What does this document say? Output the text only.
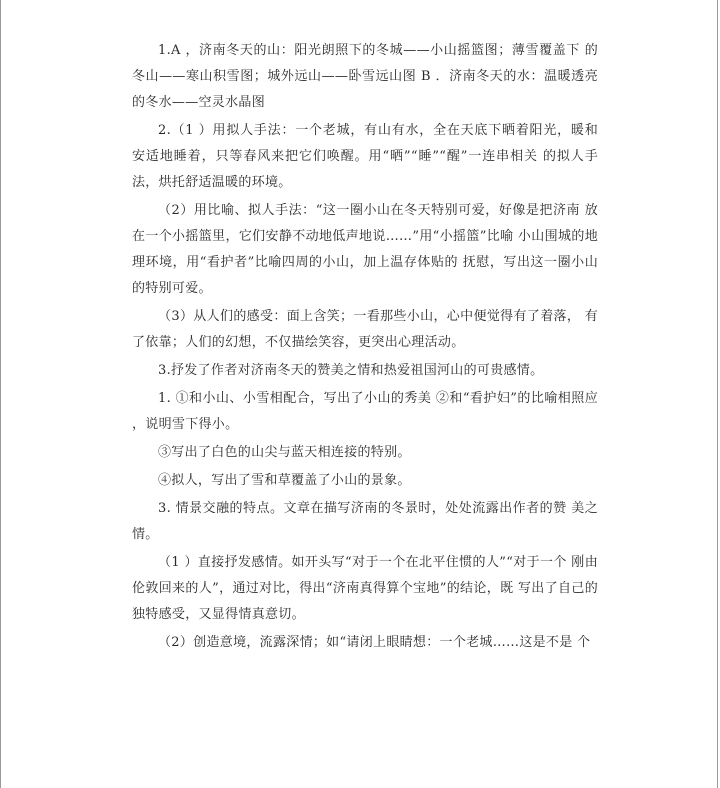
1.A ，济南冬天的山：阳光朗照下的冬城——小山摇篮图；薄雪覆盖下 的冬山——寒山积雪图；城外远山——卧雪远山图 B ．济南冬天的水：温暖透亮的冬水——空灵水晶图

2.（1 ）用拟人手法：一个老城，有山有水，全在天底下晒着阳光，暖和 安适地睡着，只等春风来把它们唤醒。用“晒”“睡”“醒”一连串相关 的拟人手法，烘托舒适温暖的环境。

（2）用比喻、拟人手法：“这一圈小山在冬天特别可爱，好像是把济南 放在一个小摇篮里，它们安静不动地低声地说……”用“小摇篮”比喻 小山围城的地理环境，用“看护者”比喻四周的小山，加上温存体贴的 抚慰，写出这一圈小山的特别可爱。

（3）从人们的感受：面上含笑；一看那些小山，心中便觉得有了着落， 有了依靠；人们的幻想，不仅描绘笑容，更突出心理活动。

3.抒发了作者对济南冬天的赞美之情和热爱祖国河山的可贵感情。

1. ①和小山、小雪相配合，写出了小山的秀美 ②和“看护妇”的比喻相照应 ，说明雪下得小。

③写出了白色的山尖与蓝天相连接的特别。

④拟人，写出了雪和草覆盖了小山的景象。

3. 情景交融的特点。文章在描写济南的冬景时，处处流露出作者的赞 美之情。

（1 ）直接抒发感情。如开头写“对于一个在北平住惯的人”“对于一个 刚由伦敦回来的人”，通过对比，得出“济南真得算个宝地”的结论，既 写出了自己的独特感受，又显得情真意切。

（2）创造意境，流露深情；如“请闭上眼睛想：一个老城……这是不是 个
